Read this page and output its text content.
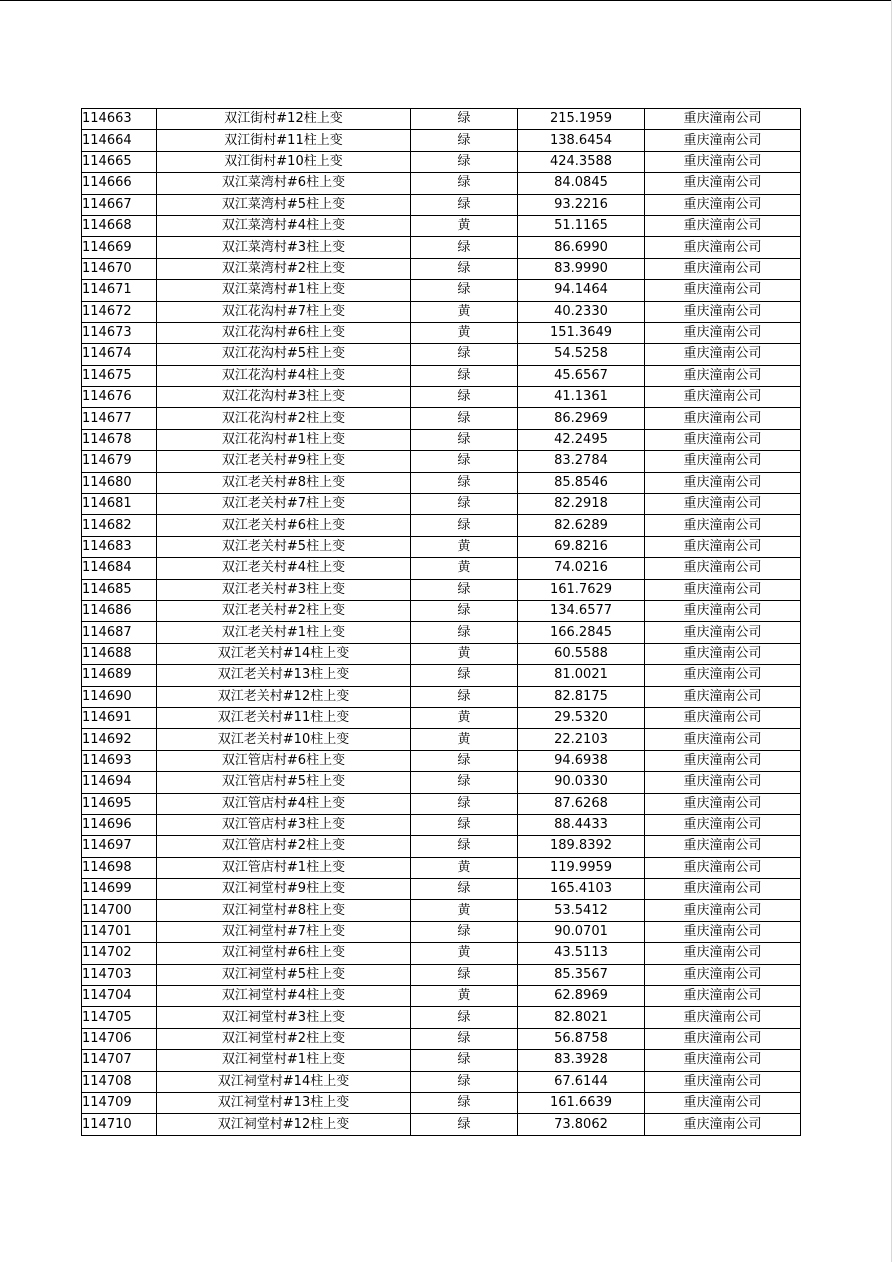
114663	双江街村#12柱上变	绿	215.1959	重庆潼南公司
114664	双江街村#11柱上变	绿	138.6454	重庆潼南公司
114665	双江街村#10柱上变	绿	424.3588	重庆潼南公司
114666	双江菜湾村#6柱上变	绿	84.0845	重庆潼南公司
114667	双江菜湾村#5柱上变	绿	93.2216	重庆潼南公司
114668	双江菜湾村#4柱上变	黄	51.1165	重庆潼南公司
114669	双江菜湾村#3柱上变	绿	86.6990	重庆潼南公司
114670	双江菜湾村#2柱上变	绿	83.9990	重庆潼南公司
114671	双江菜湾村#1柱上变	绿	94.1464	重庆潼南公司
114672	双江花沟村#7柱上变	黄	40.2330	重庆潼南公司
114673	双江花沟村#6柱上变	黄	151.3649	重庆潼南公司
114674	双江花沟村#5柱上变	绿	54.5258	重庆潼南公司
114675	双江花沟村#4柱上变	绿	45.6567	重庆潼南公司
114676	双江花沟村#3柱上变	绿	41.1361	重庆潼南公司
114677	双江花沟村#2柱上变	绿	86.2969	重庆潼南公司
114678	双江花沟村#1柱上变	绿	42.2495	重庆潼南公司
114679	双江老关村#9柱上变	绿	83.2784	重庆潼南公司
114680	双江老关村#8柱上变	绿	85.8546	重庆潼南公司
114681	双江老关村#7柱上变	绿	82.2918	重庆潼南公司
114682	双江老关村#6柱上变	绿	82.6289	重庆潼南公司
114683	双江老关村#5柱上变	黄	69.8216	重庆潼南公司
114684	双江老关村#4柱上变	黄	74.0216	重庆潼南公司
114685	双江老关村#3柱上变	绿	161.7629	重庆潼南公司
114686	双江老关村#2柱上变	绿	134.6577	重庆潼南公司
114687	双江老关村#1柱上变	绿	166.2845	重庆潼南公司
114688	双江老关村#14柱上变	黄	60.5588	重庆潼南公司
114689	双江老关村#13柱上变	绿	81.0021	重庆潼南公司
114690	双江老关村#12柱上变	绿	82.8175	重庆潼南公司
114691	双江老关村#11柱上变	黄	29.5320	重庆潼南公司
114692	双江老关村#10柱上变	黄	22.2103	重庆潼南公司
114693	双江管店村#6柱上变	绿	94.6938	重庆潼南公司
114694	双江管店村#5柱上变	绿	90.0330	重庆潼南公司
114695	双江管店村#4柱上变	绿	87.6268	重庆潼南公司
114696	双江管店村#3柱上变	绿	88.4433	重庆潼南公司
114697	双江管店村#2柱上变	绿	189.8392	重庆潼南公司
114698	双江管店村#1柱上变	黄	119.9959	重庆潼南公司
114699	双江祠堂村#9柱上变	绿	165.4103	重庆潼南公司
114700	双江祠堂村#8柱上变	黄	53.5412	重庆潼南公司
114701	双江祠堂村#7柱上变	绿	90.0701	重庆潼南公司
114702	双江祠堂村#6柱上变	黄	43.5113	重庆潼南公司
114703	双江祠堂村#5柱上变	绿	85.3567	重庆潼南公司
114704	双江祠堂村#4柱上变	黄	62.8969	重庆潼南公司
114705	双江祠堂村#3柱上变	绿	82.8021	重庆潼南公司
114706	双江祠堂村#2柱上变	绿	56.8758	重庆潼南公司
114707	双江祠堂村#1柱上变	绿	83.3928	重庆潼南公司
114708	双江祠堂村#14柱上变	绿	67.6144	重庆潼南公司
114709	双江祠堂村#13柱上变	绿	161.6639	重庆潼南公司
114710	双江祠堂村#12柱上变	绿	73.8062	重庆潼南公司
